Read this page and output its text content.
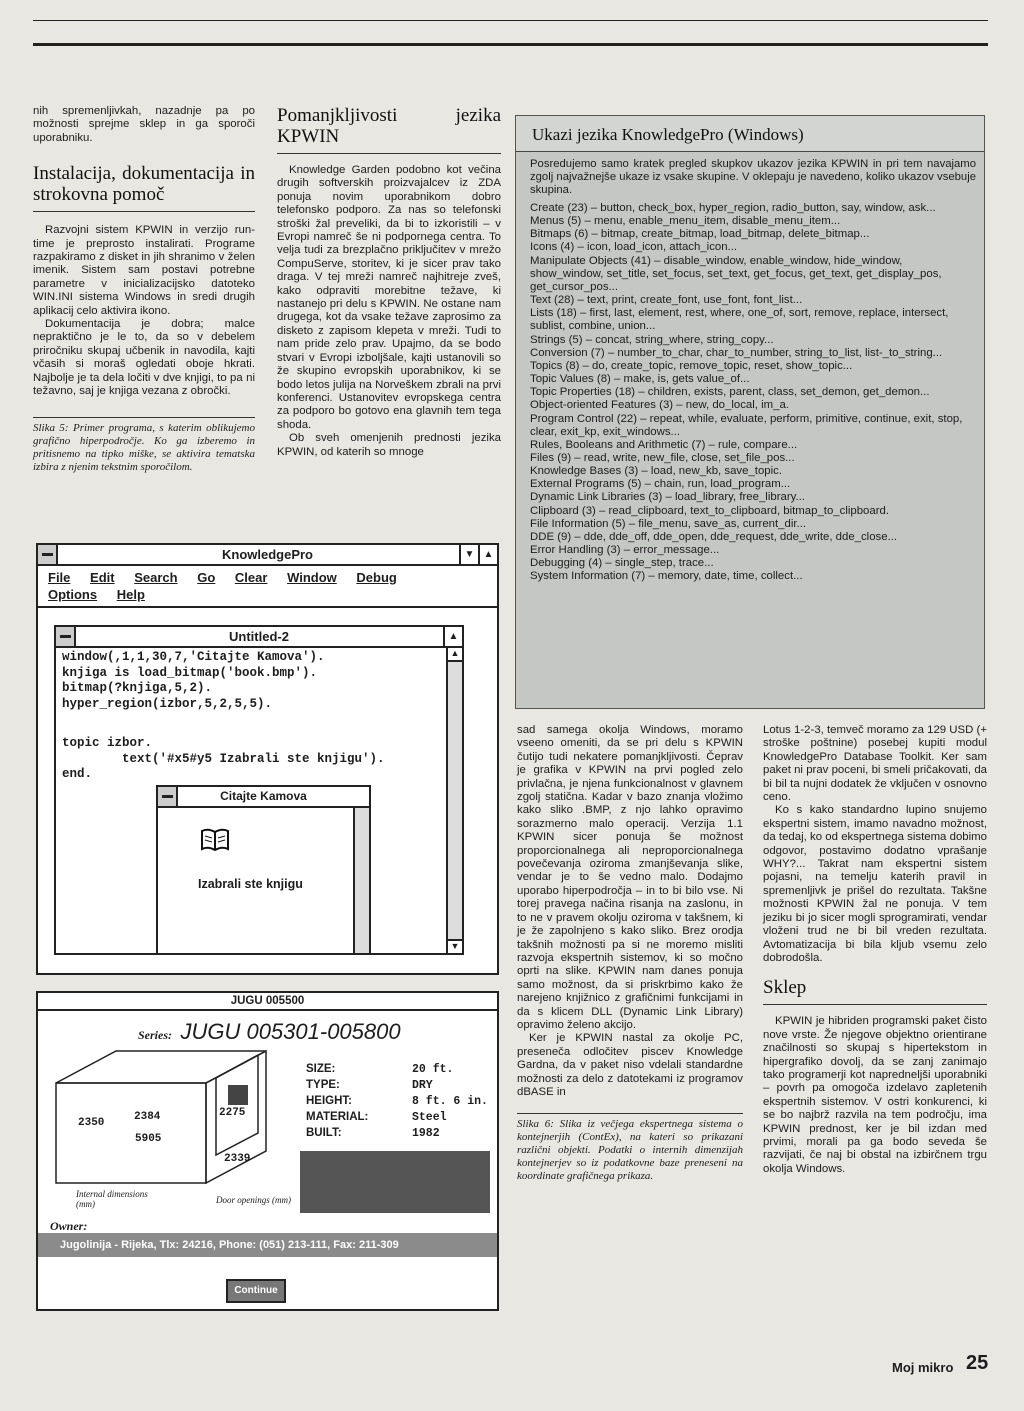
nih spremenljivkah, nazadnje pa po možnosti sprejme sklep in ga sporoči uporabniku.

Instalacija, dokumentacija in strokovna pomoč

Razvojni sistem KPWIN in verzijo run-time je preprosto instalirati. Programe razpakiramo z disket in jih shranimo v želen imenik. Sistem sam postavi potrebne parametre v inicializacijsko datoteko WIN.INI sistema Windows in sredi drugih aplikacij celo aktivira ikono.

Dokumentacija je dobra; malce nepraktično je le to, da so v debelem priročniku skupaj učbenik in navodila, kajti včasih si moraš ogledati oboje hkrati. Najbolje je ta dela ločiti v dve knjigi, to pa ni težavno, saj je knjiga vezana z obročki.

Slika 5: Primer programa, s katerim oblikujemo grafično hiperpodročje. Ko ga izberemo in pritisnemo na tipko miške, se aktivira tematska izbira z njenim tekstnim sporočilom.
Pomanjkljivosti jezika KPWIN

Knowledge Garden podobno kot večina drugih softverskih proizvajalcev iz ZDA ponuja novim uporabnikom dobro telefonsko podporo. Za nas so telefonski stroški žal preveliki, da bi to izkoristili – v Evropi namreč še ni podpornega centra. To velja tudi za brezplačno priključitev v mrežo CompuServe, storitev, ki je sicer prav tako draga. V tej mreži namreč najhitreje zveš, kako odpraviti morebitne težave, ki nastanejo pri delu s KPWIN. Ne ostane nam drugega, kot da vsake težave zaprosimo za disketo z zapisom klepeta v mreži. Tudi to nam pride zelo prav. Upajmo, da se bodo stvari v Evropi izboljšale, kajti ustanovili so že skupino evropskih uporabnikov, ki se bodo letos julija na Norveškem zbrali na prvi konferenci. Ustanovitev evropskega centra za podporo bo gotovo ena glavnih tem tega shoda.

Ob sveh omenjenih prednosti jezika KPWIN, od katerih so mnoge

Ukazi jezika KnowledgePro (Windows)

Posredujemo samo kratek pregled skupkov ukazov jezika KPWIN in pri tem navajamo zgolj najvažnejše ukaze iz vsake skupine. V oklepaju je navedeno, koliko ukazov vsebuje skupina.

Create (23) – button, check_box, hyper_region, radio_button, say, window, ask...
Menus (5) – menu, enable_menu_item, disable_menu_item...
Bitmaps (6) – bitmap, create_bitmap, load_bitmap, delete_bitmap...
Icons (4) – icon, load_icon, attach_icon...
Manipulate Objects (41) – disable_window, enable_window, hide_window, show_window, set_title, set_focus, set_text, get_focus, get_text, get_display_pos, get_cursor_pos...
Text (28) – text, print, create_font, use_font, font_list...
Lists (18) – first, last, element, rest, where, one_of, sort, remove, replace, intersect, sublist, combine, union...
Strings (5) – concat, string_where, string_copy...
Conversion (7) – number_to_char, char_to_number, string_to_list, list-_to_string...
Topics (8) – do, create_topic, remove_topic, reset, show_topic...
Topic Values (8) – make, is, gets value_of...
Topic Properties (18) – children, exists, parent, class, set_demon, get_demon...
Object-oriented Features (3) – new, do_local, im_a.
Program Control (22) – repeat, while, evaluate, perform, primitive, continue, exit, stop, clear, exit_kp, exit_windows...
Rules, Booleans and Arithmetic (7) – rule, compare...
Files (9) – read, write, new_file, close, set_file_pos...
Knowledge Bases (3) – load, new_kb, save_topic.
External Programs (5) – chain, run, load_program...
Dynamic Link Libraries (3) – load_library, free_library...
Clipboard (3) – read_clipboard, text_to_clipboard, bitmap_to_clipboard.
File Information (5) – file_menu, save_as, current_dir...
DDE (9) – dde, dde_off, dde_open, dde_request, dde_write, dde_close...
Error Handling (3) – error_message...
Debugging (4) – single_step, trace...
System Information (7) – memory, date, time, collect...
KnowledgePro	▼ ▲
File Edit Search Go Clear Window Debug
Options Help
Untitled-2	▲
▲
▼
window(,1,1,30,7,'Citajte Kamova').
knjiga is load_bitmap('book.bmp').
bitmap(?knjiga,5,2).
hyper_region(izbor,5,2,5,5).
topic izbor.
text('#x5#y5 Izabrali ste knjigu').
end.
Citajte Kamova
Izabrali ste knjigu
JUGU 005500
Series: JUGU 005301-005800
2350	2384	2275
5905
2339
Internal dimensions (mm)	Door openings (mm)
SIZE:	20 ft.
TYPE:	DRY
HEIGHT:	8 ft. 6 in.
MATERIAL:	Steel
BUILT:	1982
Owner:
Jugolinija - Rijeka, Tlx: 24216, Phone: (051) 213-111, Fax: 211-309
Continue

sad samega okolja Windows, moramo vseeno omeniti, da se pri delu s KPWIN čutijo tudi nekatere pomanjkljivosti. Čeprav je grafika v KPWIN na prvi pogled zelo privlačna, je njena funkcionalnost v glavnem zgolj statična. Kadar v bazo znanja vložimo kako sliko .BMP, z njo lahko opravimo sorazmerno malo operacij. Verzija 1.1 KPWIN sicer ponuja še možnost proporcionalnega ali neproporcionalnega povečevanja oziroma zmanjševanja slike, vendar je to še vedno malo. Dodajmo uporabo hiperpodročja – in to bi bilo vse. Ni torej pravega načina risanja na zaslonu, in to ne v pravem okolju oziroma v takšnem, ki je že zapolnjeno s kako sliko. Brez orodja takšnih možnosti pa si ne moremo misliti razvoja ekspertnih sistemov, ki so močno oprti na slike. KPWIN nam danes ponuja samo možnost, da si priskrbimo kako že narejeno knjižnico z grafičnimi funkcijami in da s klicem DLL (Dynamic Link Library) opravimo želeno akcijo.

Ker je KPWIN nastal za okolje PC, preseneča odločitev piscev Knowledge Gardna, da v paket niso vdelali standardne možnosti za delo z datotekami iz programov dBASE in

Slika 6: Slika iz večjega ekspertnega sistema o kontejnerjih (ContEx), na kateri so prikazani različni objekti. Podatki o internih dimenzijah kontejnerjev so iz podatkovne baze preneseni na koordinate grafičnega prikaza.

Lotus 1-2-3, temveč moramo za 129 USD (+ stroške poštnine) posebej kupiti modul KnowledgePro Database Toolkit. Ker sam paket ni prav poceni, bi smeli pričakovati, da bi bil ta nujni dodatek že vključen v osnovno ceno.

Ko s kako standardno lupino snujemo ekspertni sistem, imamo navadno možnost, da tedaj, ko od ekspertnega sistema dobimo odgovor, postavimo dodatno vprašanje WHY?... Takrat nam ekspertni sistem pojasni, na temelju katerih pravil in spremenljivk je prišel do rezultata. Takšne možnosti KPWIN žal ne ponuja. V tem jeziku bi jo sicer mogli sprogramirati, vendar vloženi trud ne bi bil vreden rezultata. Avtomatizacija bi bila kljub vsemu zelo dobrodošla.

Sklep

KPWIN je hibriden programski paket čisto nove vrste. Že njegove objektno orientirane značilnosti so skupaj s hipertekstom in hipergrafiko dovolj, da se zanj zanimajo tako programerji kot napredneljši uporabniki – povrh pa omogoča izdelavo zapletenih ekspertnih sistemov. V ostri konkurenci, ki se bo najbrž razvila na tem področju, ima KPWIN prednost, ker je bil izdan med prvimi, morali pa ga bodo seveda še razvijati, če naj bi obstal na izbirčnem trgu okolja Windows.

Moj mikro 25
